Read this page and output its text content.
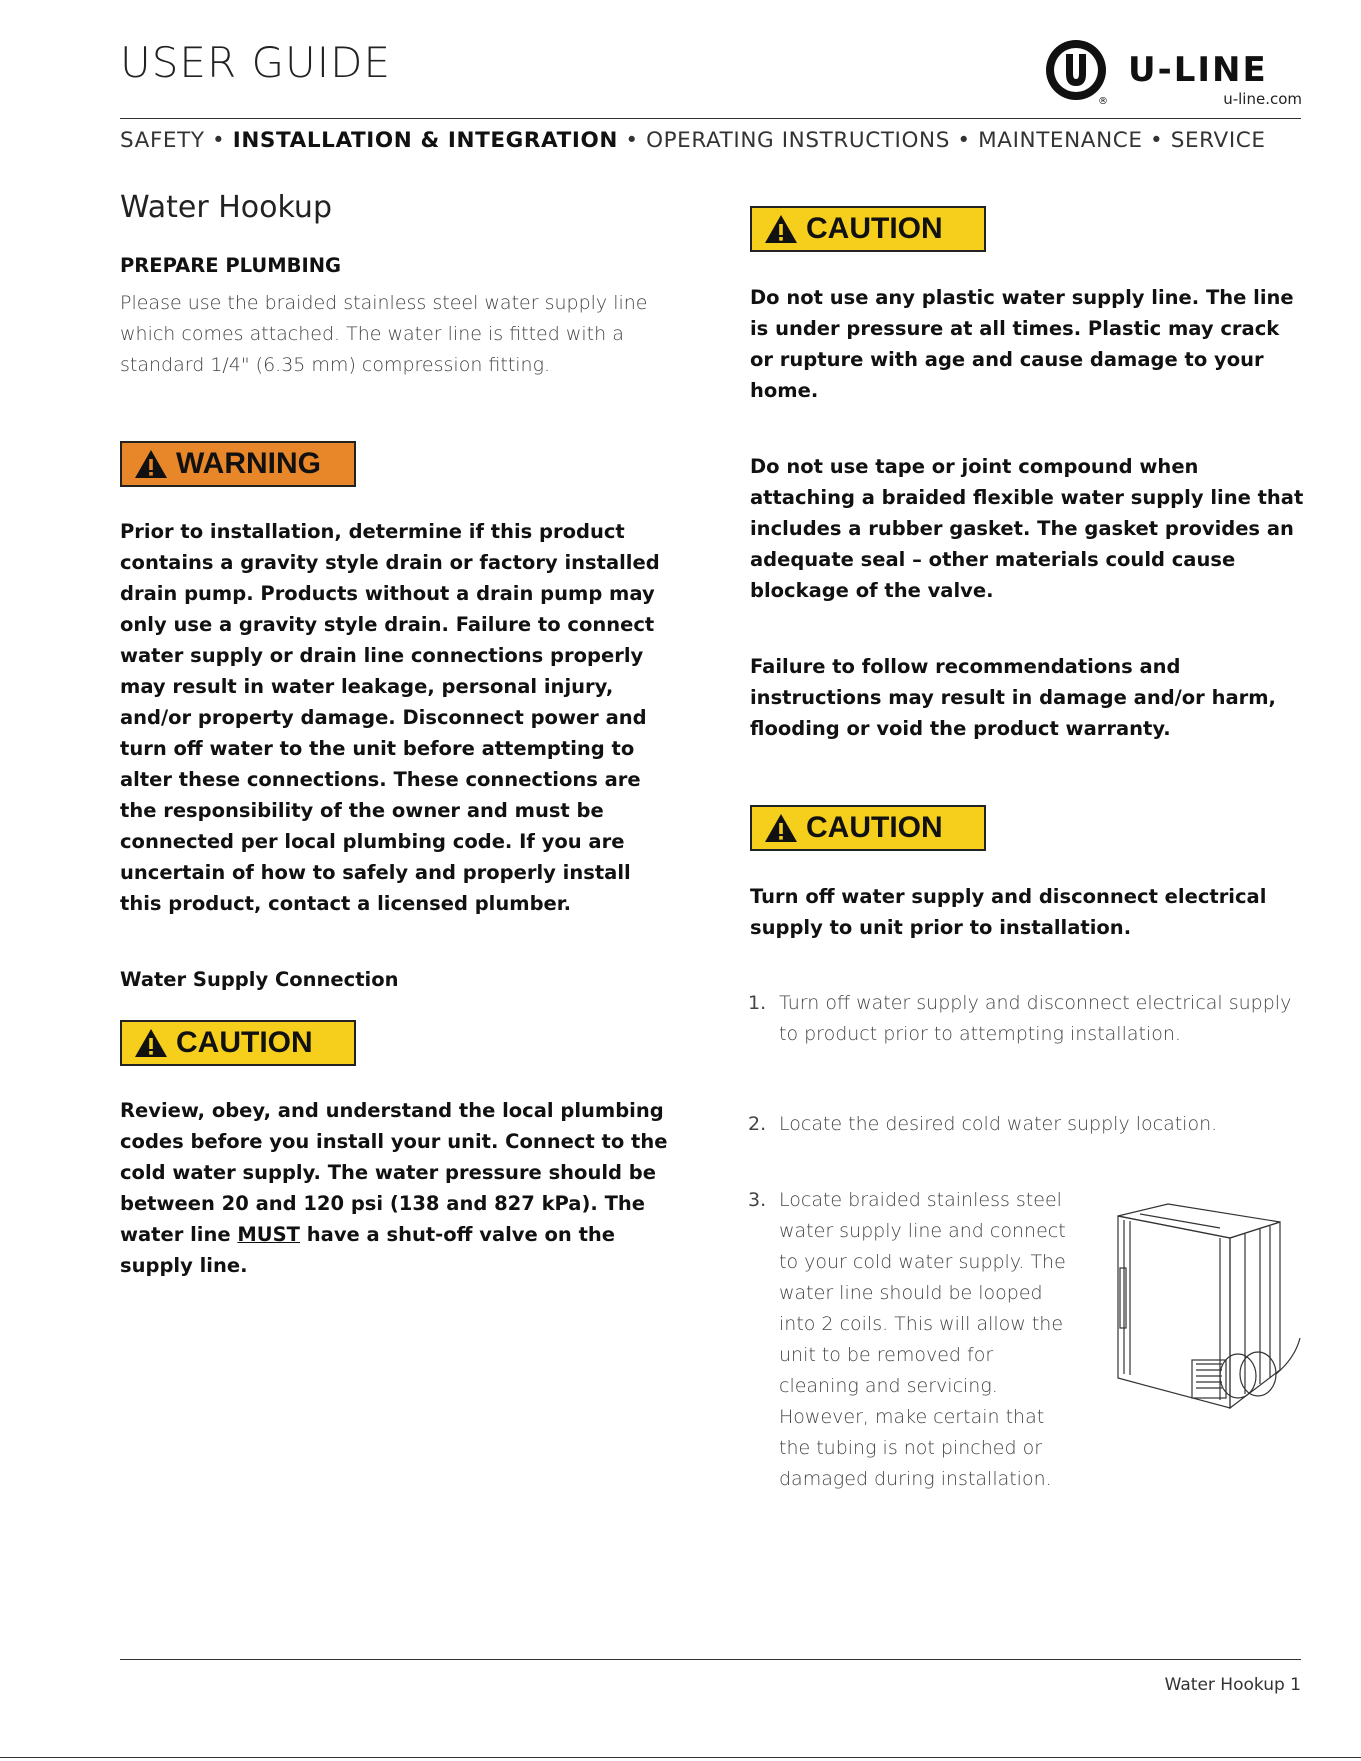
USER GUIDE
®
U-LINE
u-line.com
SAFETY • INSTALLATION & INTEGRATION • OPERATING INSTRUCTIONS • MAINTENANCE • SERVICE
Water Hookup
PREPARE PLUMBING
Please use the braided stainless steel water supply line which comes attached. The water line is fitted with a standard 1/4" (6.35 mm) compression fitting.
WARNING
Prior to installation, determine if this product contains a gravity style drain or factory installed drain pump. Products without a drain pump may only use a gravity style drain. Failure to connect water supply or drain line connections properly may result in water leakage, personal injury, and/or property damage. Disconnect power and turn off water to the unit before attempting to alter these connections. These connections are the responsibility of the owner and must be connected per local plumbing code. If you are uncertain of how to safely and properly install this product, contact a licensed plumber.
Water Supply Connection
CAUTION
Review, obey, and understand the local plumbing codes before you install your unit. Connect to the cold water supply. The water pressure should be between 20 and 120 psi (138 and 827 kPa). The water line MUST have a shut-off valve on the supply line.
CAUTION
Do not use any plastic water supply line. The line is under pressure at all times. Plastic may crack or rupture with age and cause damage to your home.
Do not use tape or joint compound when attaching a braided flexible water supply line that includes a rubber gasket. The gasket provides an adequate seal – other materials could cause blockage of the valve.
Failure to follow recommendations and instructions may result in damage and/or harm, flooding or void the product warranty.
CAUTION
Turn off water supply and disconnect electrical supply to unit prior to installation.
1. Turn off water supply and disconnect electrical supply to product prior to attempting installation.
2. Locate the desired cold water supply location.
3. Locate braided stainless steel water supply line and connect to your cold water supply. The water line should be looped into 2 coils. This will allow the unit to be removed for cleaning and servicing. However, make certain that the tubing is not pinched or damaged during installation.
Water Hookup 1
